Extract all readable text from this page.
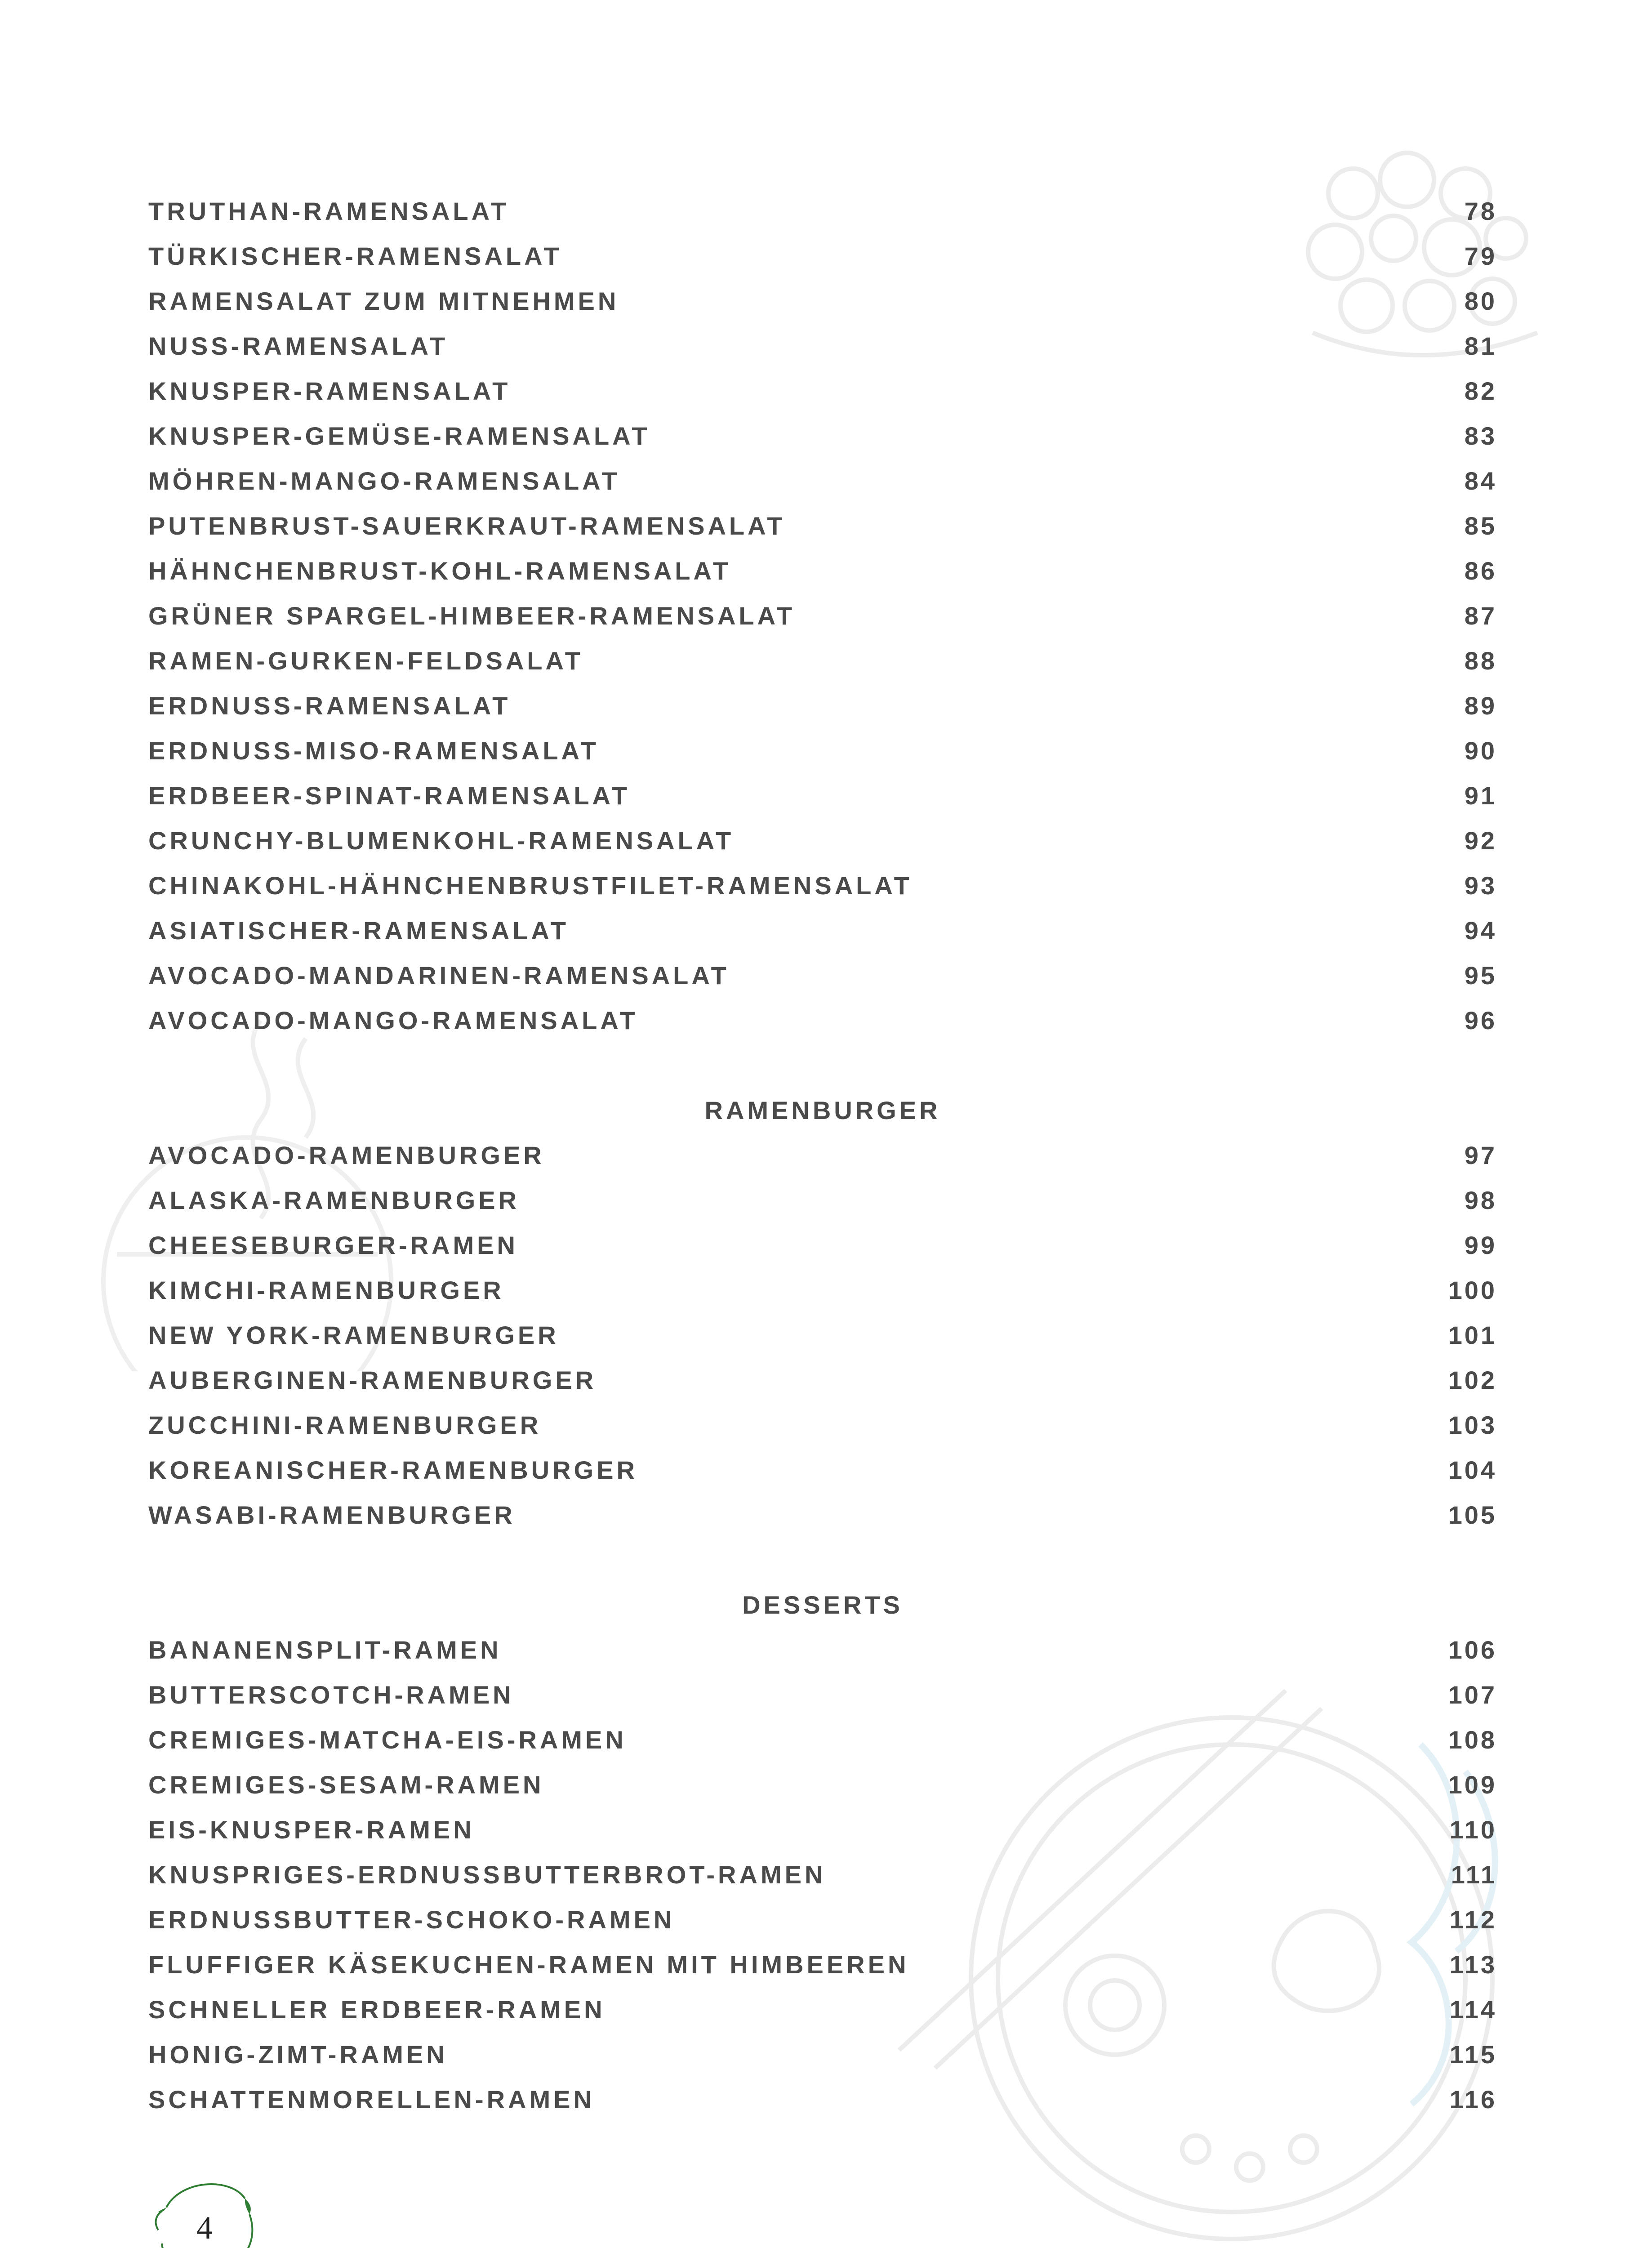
TRUTHAN-RAMENSALAT	78
TÜRKISCHER-RAMENSALAT	79
RAMENSALAT ZUM MITNEHMEN	80
NUSS-RAMENSALAT	81
KNUSPER-RAMENSALAT	82
KNUSPER-GEMÜSE-RAMENSALAT	83
MÖHREN-MANGO-RAMENSALAT	84
PUTENBRUST-SAUERKRAUT-RAMENSALAT	85
HÄHNCHENBRUST-KOHL-RAMENSALAT	86
GRÜNER SPARGEL-HIMBEER-RAMENSALAT	87
RAMEN-GURKEN-FELDSALAT	88
ERDNUSS-RAMENSALAT	89
ERDNUSS-MISO-RAMENSALAT	90
ERDBEER-SPINAT-RAMENSALAT	91
CRUNCHY-BLUMENKOHL-RAMENSALAT	92
CHINAKOHL-HÄHNCHENBRUSTFILET-RAMENSALAT	93
ASIATISCHER-RAMENSALAT	94
AVOCADO-MANDARINEN-RAMENSALAT	95
AVOCADO-MANGO-RAMENSALAT	96
RAMENBURGER
AVOCADO-RAMENBURGER	97
ALASKA-RAMENBURGER	98
CHEESEBURGER-RAMEN	99
KIMCHI-RAMENBURGER	100
NEW YORK-RAMENBURGER	101
AUBERGINEN-RAMENBURGER	102
ZUCCHINI-RAMENBURGER	103
KOREANISCHER-RAMENBURGER	104
WASABI-RAMENBURGER	105
DESSERTS
BANANENSPLIT-RAMEN	106
BUTTERSCOTCH-RAMEN	107
CREMIGES-MATCHA-EIS-RAMEN	108
CREMIGES-SESAM-RAMEN	109
EIS-KNUSPER-RAMEN	110
KNUSPRIGES-ERDNUSSBUTTERBROT-RAMEN	111
ERDNUSSBUTTER-SCHOKO-RAMEN	112
FLUFFIGER KÄSEKUCHEN-RAMEN MIT HIMBEEREN	113
SCHNELLER ERDBEER-RAMEN	114
HONIG-ZIMT-RAMEN	115
SCHATTENMORELLEN-RAMEN	116
4
